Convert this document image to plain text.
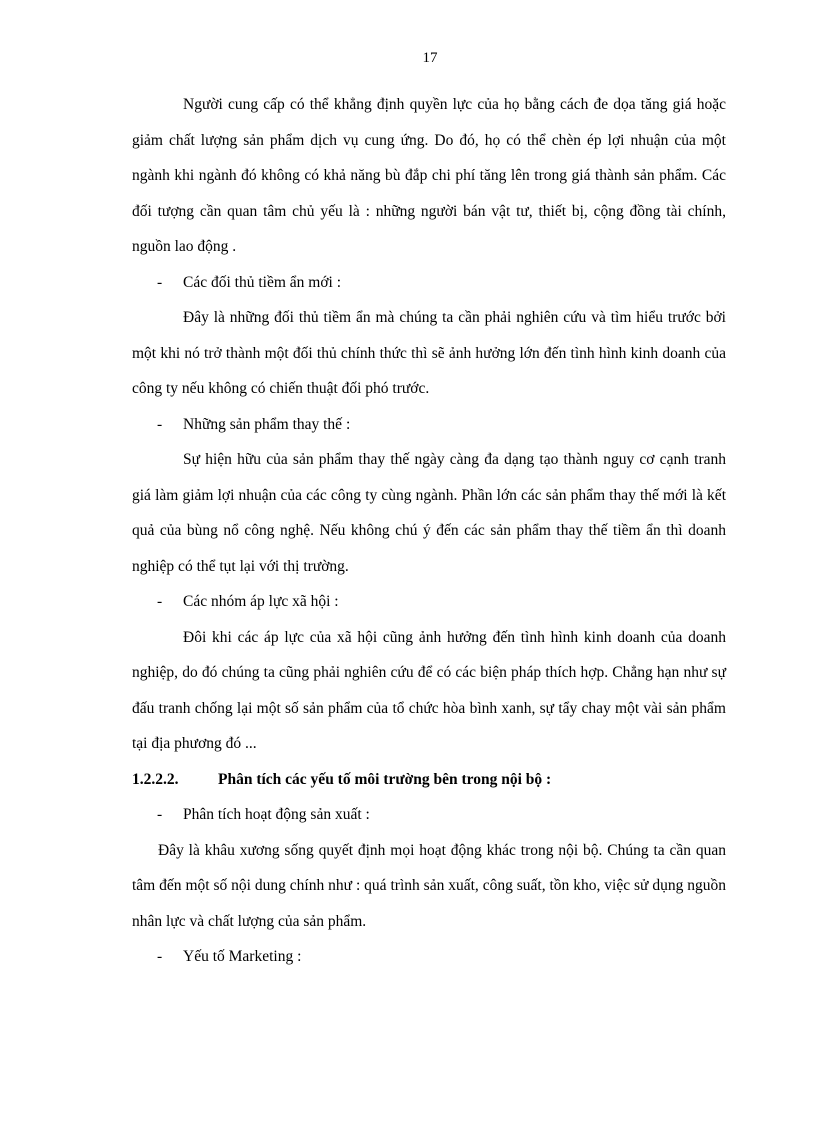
17

Người cung cấp có thể khẳng định quyền lực của họ bằng cách đe dọa tăng giá hoặc giảm chất lượng sản phẩm dịch vụ cung ứng. Do đó, họ có thể chèn ép lợi nhuận của một ngành khi ngành đó không có khả năng bù đắp chi phí tăng lên trong giá thành sản phẩm. Các đối tượng cần quan tâm chủ yếu là : những người bán vật tư, thiết bị, cộng đồng tài chính, nguồn lao động .

- Các đối thủ tiềm ẩn mới :

Đây là những đối thủ tiềm ẩn mà chúng ta cần phải nghiên cứu và tìm hiểu trước bởi một khi nó trở thành một đối thủ chính thức thì sẽ ảnh hưởng lớn đến tình hình kinh doanh của công ty nếu không có chiến thuật đối phó trước.

- Những sản phẩm thay thế :

Sự hiện hữu của sản phẩm thay thế ngày càng đa dạng tạo thành nguy cơ cạnh tranh giá làm giảm lợi nhuận của các công ty cùng ngành. Phần lớn các sản phẩm thay thế mới là kết quả của bùng nổ công nghệ. Nếu không chú ý đến các sản phẩm thay thế tiềm ẩn thì doanh nghiệp có thể tụt lại với thị trường.

- Các nhóm áp lực xã hội :

Đôi khi các áp lực của xã hội cũng ảnh hưởng đến tình hình kinh doanh của doanh nghiệp, do đó chúng ta cũng phải nghiên cứu để có các biện pháp thích hợp. Chẳng hạn như sự đấu tranh chống lại một số sản phẩm của tổ chức hòa bình xanh, sự tẩy chay một vài sản phẩm tại địa phương đó ...

1.2.2.2.	Phân tích các yếu tố môi trường bên trong nội bộ :

- Phân tích hoạt động sản xuất :

Đây là khâu xương sống quyết định mọi hoạt động khác trong nội bộ. Chúng ta cần quan tâm đến một số nội dung chính như : quá trình sản xuất, công suất, tồn kho, việc sử dụng nguồn nhân lực và chất lượng của sản phẩm.

- Yếu tố Marketing :
